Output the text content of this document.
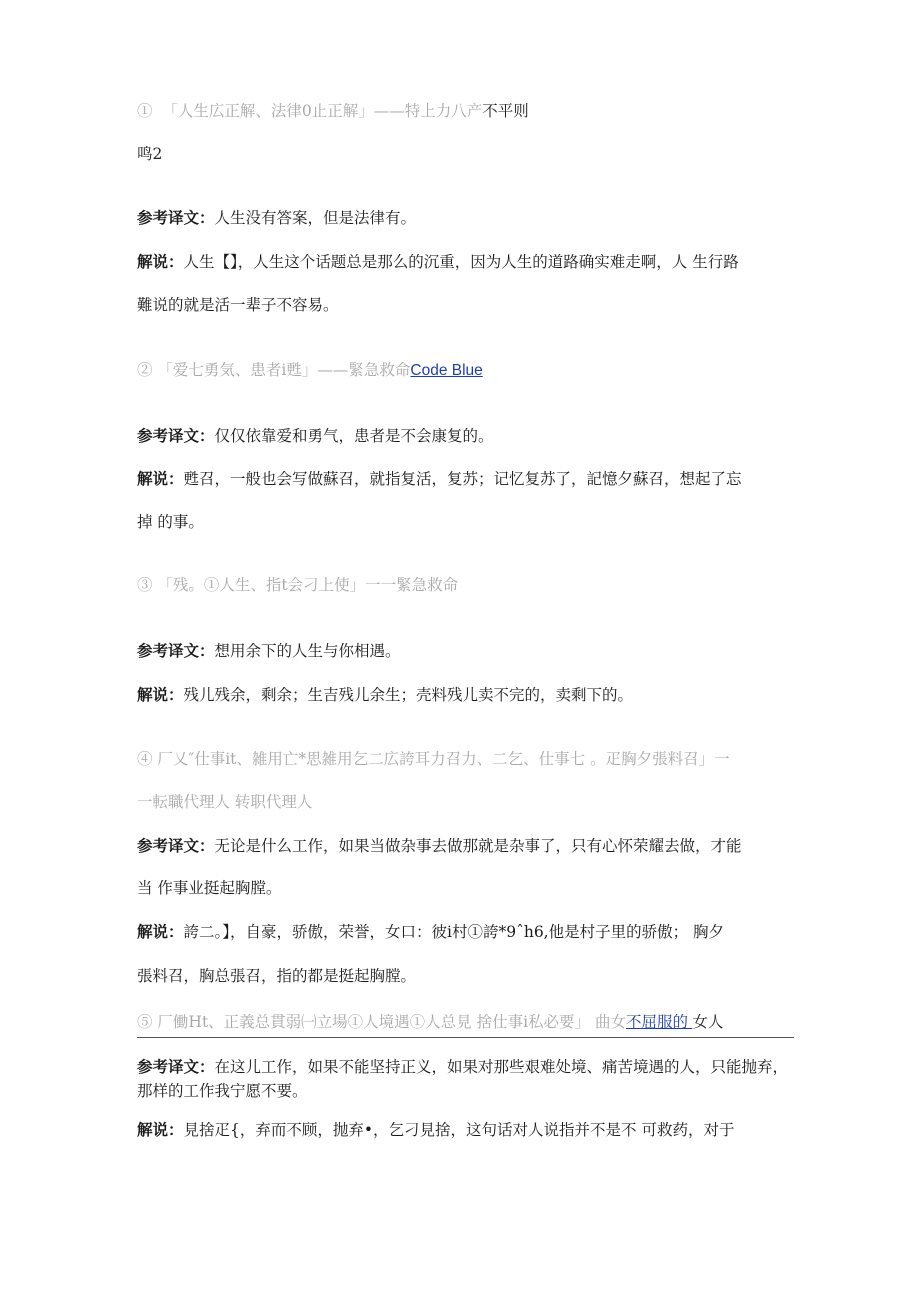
①  「人生広正解、法律0止正解」——特上力八产不平则
鸣2
参考译文：人生没有答案，但是法律有。
解说：人生【】，人生这个话题总是那么的沉重，因为人生的道路确实难走啊，人 生行路
難说的就是活一辈子不容易。
② 「爱七勇気、患者i甦」——緊急救命Code Blue
参考译文：仅仅依靠爱和勇气，患者是不会康复的。
解说：甦召，一般也会写做蘇召，就指复活，复苏；记忆复苏了，記憶夕蘇召，想起了忘
掉 的事。
③ 「残。①人生、指t会刁上使」一一緊急救命
参考译文：想用余下的人生与你相遇。
解说：残儿残余，剩余；生吉残儿余生；壳料残儿卖不完的，卖剩下的。
④ 厂乂″仕事it、雑用亡*思雑用乞二広誇耳力召力、二乞、仕事七 。疋胸夕張料召」一
一転職代理人 转职代理人
参考译文：无论是什么工作，如果当做杂事去做那就是杂事了，只有心怀荣耀去做，才能
当 作事业挺起胸膛。
解说：誇二。】，自豪，骄傲，荣誉，女口：彼i村①誇*9ˆh6,他是村子里的骄傲； 胸夕
張料召，胸总張召，指的都是挺起胸膛。
⑤ 厂働Ht、正義总貫弱㈠立場①人境遇①人总見 捨仕事i私必要」 曲女不屈服的 女人
参考译文：在这儿工作，如果不能坚持正义，如果对那些艰难处境、痛苦境遇的人，只能抛弃，那样的工作我宁愿不要。
解说：見捨疋{，弃而不顾，抛弃•，乞刁見捨，这句话对人说指并不是不 可救药，对于
